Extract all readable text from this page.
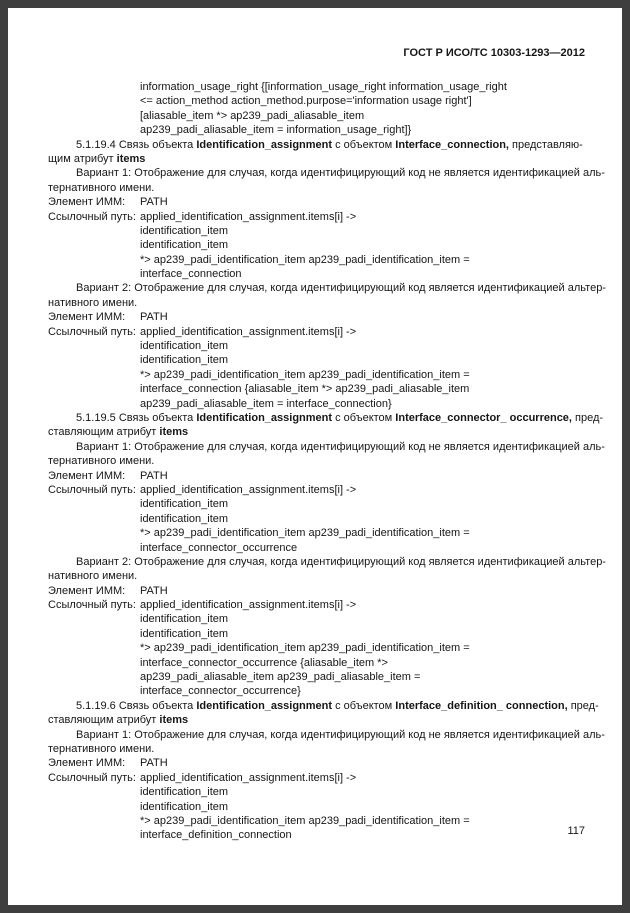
ГОСТ Р ИСО/ТС 10303-1293—2012
information_usage_right {[information_usage_right information_usage_right
<= action_method action_method.purpose='information usage right']
[aliasable_item *> ap239_padi_aliasable_item
ap239_padi_aliasable_item = information_usage_right]}
5.1.19.4 Связь объекта Identification_assignment с объектом Interface_connection, представляю-
щим атрибут items
Вариант 1: Отображение для случая, когда идентифицирующий код не является идентификацией аль-
тернативного имени.
Элемент ИММ: PATH
Ссылочный путь: applied_identification_assignment.items[i] ->
identification_item
identification_item
*> ap239_padi_identification_item ap239_padi_identification_item =
interface_connection
Вариант 2: Отображение для случая, когда идентифицирующий код является идентификацией альтер-
нативного имени.
Элемент ИММ: PATH
Ссылочный путь: applied_identification_assignment.items[i] ->
identification_item
identification_item
*> ap239_padi_identification_item ap239_padi_identification_item =
interface_connection {aliasable_item *> ap239_padi_aliasable_item
ap239_padi_aliasable_item = interface_connection}
5.1.19.5 Связь объекта Identification_assignment с объектом Interface_connector_ occurrence, пред-
ставляющим атрибут items
Вариант 1: Отображение для случая, когда идентифицирующий код не является идентификацией аль-
тернативного имени.
Элемент ИММ: PATH
Ссылочный путь: applied_identification_assignment.items[i] ->
identification_item
identification_item
*> ap239_padi_identification_item ap239_padi_identification_item =
interface_connector_occurrence
Вариант 2: Отображение для случая, когда идентифицирующий код является идентификацией альтер-
нативного имени.
Элемент ИММ: PATH
Ссылочный путь: applied_identification_assignment.items[i] ->
identification_item
identification_item
*> ap239_padi_identification_item ap239_padi_identification_item =
interface_connector_occurrence {aliasable_item *>
ap239_padi_aliasable_item ap239_padi_aliasable_item =
interface_connector_occurrence}
5.1.19.6 Связь объекта Identification_assignment с объектом Interface_definition_ connection, пред-
ставляющим атрибут items
Вариант 1: Отображение для случая, когда идентифицирующий код не является идентификацией аль-
тернативного имени.
Элемент ИММ: PATH
Ссылочный путь: applied_identification_assignment.items[i] ->
identification_item
identification_item
*> ap239_padi_identification_item ap239_padi_identification_item =
interface_definition_connection	117
